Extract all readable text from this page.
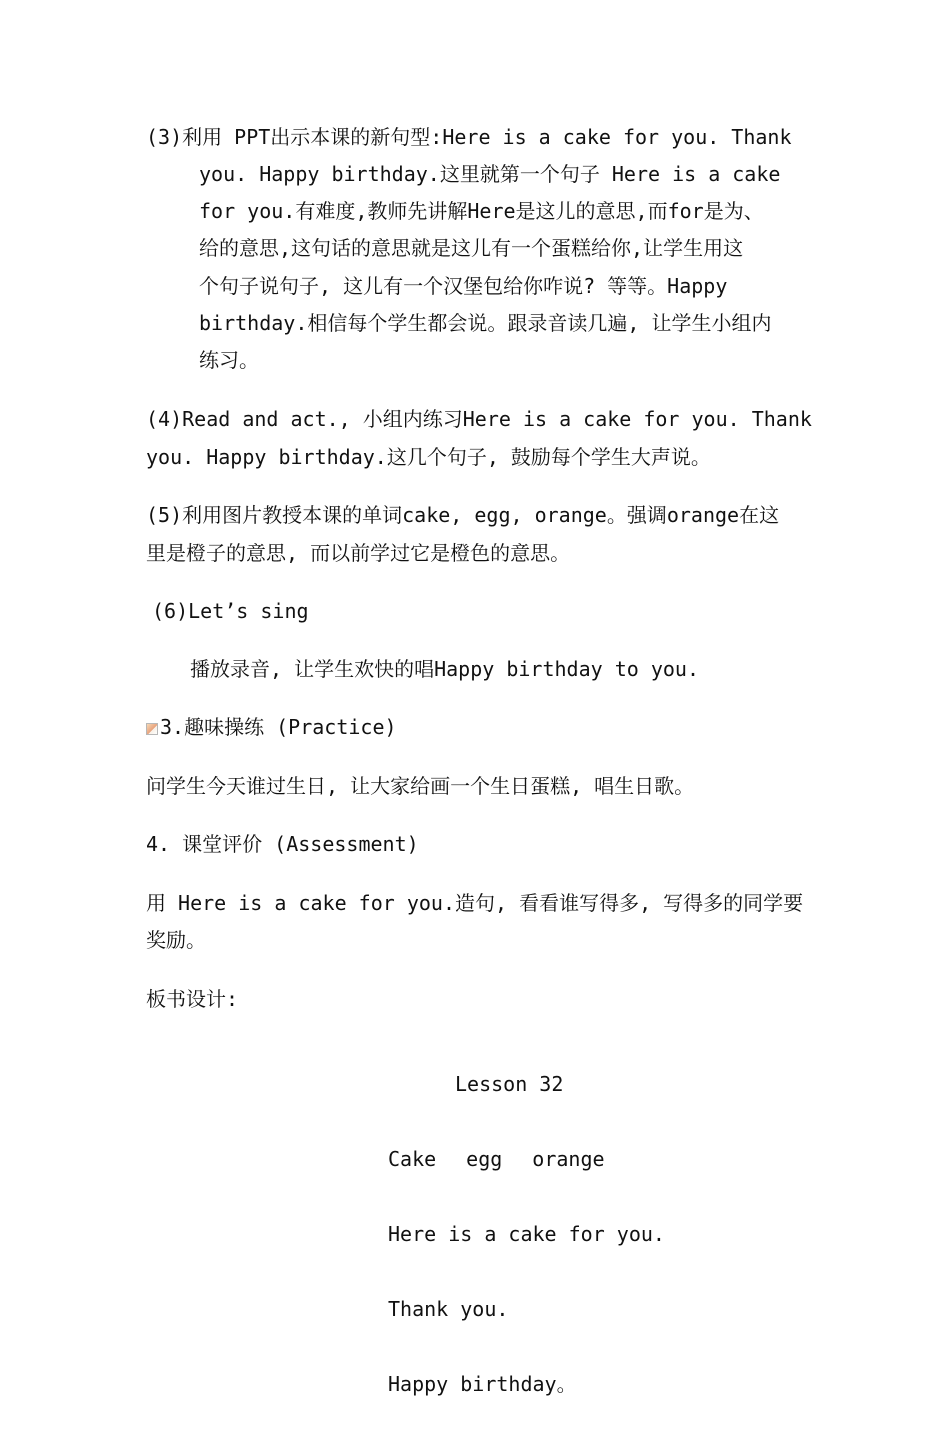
(3)利用 PPT出示本课的新句型:Here is a cake for you. Thank
you. Happy birthday.这里就第一个句子 Here is a cake
for you.有难度,教师先讲解Here是这儿的意思,而for是为、
给的意思,这句话的意思就是这儿有一个蛋糕给你,让学生用这
个句子说句子, 这儿有一个汉堡包给你咋说? 等等。Happy
birthday.相信每个学生都会说。跟录音读几遍, 让学生小组内
练习。
(4)Read and act., 小组内练习Here is a cake for you. Thank
you. Happy birthday.这几个句子, 鼓励每个学生大声说。
(5)利用图片教授本课的单词cake, egg, orange。强调orange在这
里是橙子的意思, 而以前学过它是橙色的意思。
(6)Let’s sing
播放录音, 让学生欢快的唱Happy birthday to you.
3.趣味操练 (Practice)
问学生今天谁过生日, 让大家给画一个生日蛋糕, 唱生日歌。
4. 课堂评价 (Assessment)
用 Here is a cake for you.造句, 看看谁写得多, 写得多的同学要
奖励。
板书设计:

Lesson 32

Cake egg orange

Here is a cake for you.

Thank you.

Happy birthday。
